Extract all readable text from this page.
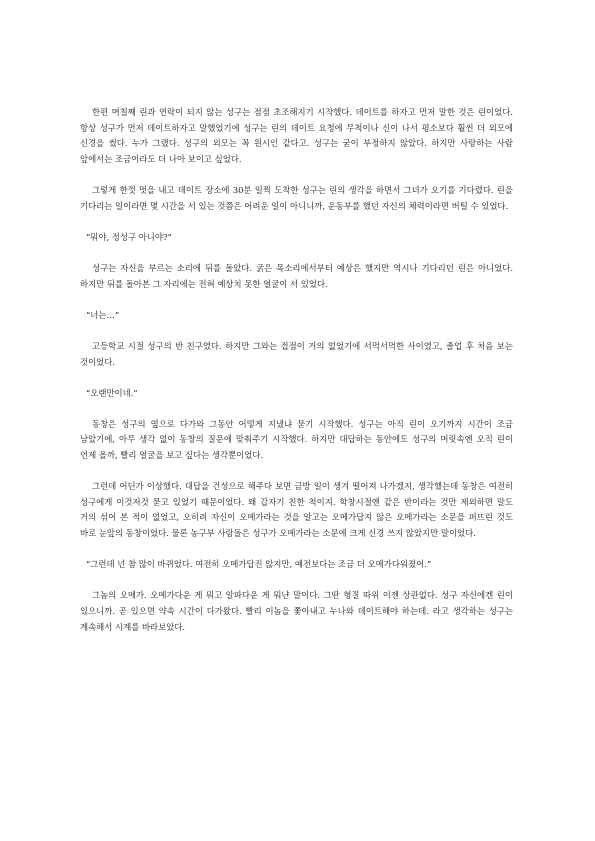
한편 며칠째 린과 연락이 되지 않는 성구는 점점 초조해지기 시작했다. 데이트를 하자고 먼저 말한 것은 린이었다. 항상 성구가 먼저 데이트하자고 말했었기에 성구는 린의 데이트 요청에 무척이나 신이 나서 평소보다 훨씬 더 외모에 신경을 썼다. 누가 그랬다. 성구의 외모는 꼭 원시인 같다고. 성구는 굳이 부정하지 않았다. 하지만 사랑하는 사람 앞에서는 조금이라도 더 나아 보이고 싶었다.

그렇게 한껏 멋을 내고 데이트 장소에 30분 일찍 도착한 성구는 린의 생각을 하면서 그녀가 오기를 기다렸다. 린을 기다리는 일이라면 몇 시간을 서 있는 것쯤은 어려운 일이 아니니까, 운동부를 했던 자신의 체력이라면 버틸 수 있었다.

“뭐야, 정성구 아니야?”

성구는 자신을 부르는 소리에 뒤를 돌았다. 굵은 목소리에서부터 예상은 했지만 역시나 기다리던 린은 아니었다. 하지만 뒤를 돌아본 그 자리에는 전혀 예상치 못한 얼굴이 서 있었다.

“너는…”

고등학교 시절 성구의 반 친구였다. 하지만 그와는 접점이 거의 없었기에 서먹서먹한 사이였고, 졸업 후 처음 보는 것이었다.

“오랜만이네.”

동창은 성구의 옆으로 다가와 그동안 어떻게 지냈냐 묻기 시작했다. 성구는 아직 린이 오기까지 시간이 조금 남았기에, 아무 생각 없이 동창의 질문에 맞춰주기 시작했다. 하지만 대답하는 동안에도 성구의 머릿속엔 오직 린이 언제 올까, 빨리 얼굴을 보고 싶다는 생각뿐이었다.

그런데 어딘가 이상했다. 대답을 건성으로 해주다 보면 금방 일이 생겨 떨어져 나가겠지, 생각했는데 동창은 여전히 성구에게 이것저것 묻고 있었기 때문이었다. 왜 갑자기 친한 척이지. 학창시절엔 같은 반이라는 것만 제외하면 말도 거의 섞어 본 적이 없었고, 오히려 자신이 오메가라는 것을 알고는 오메가답지 않은 오메가라는 소문을 퍼뜨린 것도 바로 눈앞의 동창이었다. 물론 농구부 사람들은 성구가 오메가라는 소문에 크게 신경 쓰지 않았지만 말이었다.

“그런데 넌 참 많이 바뀌었다. 여전히 오메가답진 않지만, 예전보다는 조금 더 오메가다워졌어.”

그놈의 오메가. 오메가다운 게 뭐고 알파다운 게 뭐냔 말이다. 그딴 형질 따위 이젠 상관없다. 성구 자신에겐 린이 있으니까. 곧 있으면 약속 시간이 다가왔다. 빨리 이놈을 쫓아내고 누나와 데이트해야 하는데. 라고 생각하는 성구는 계속해서 시계를 바라보았다.
